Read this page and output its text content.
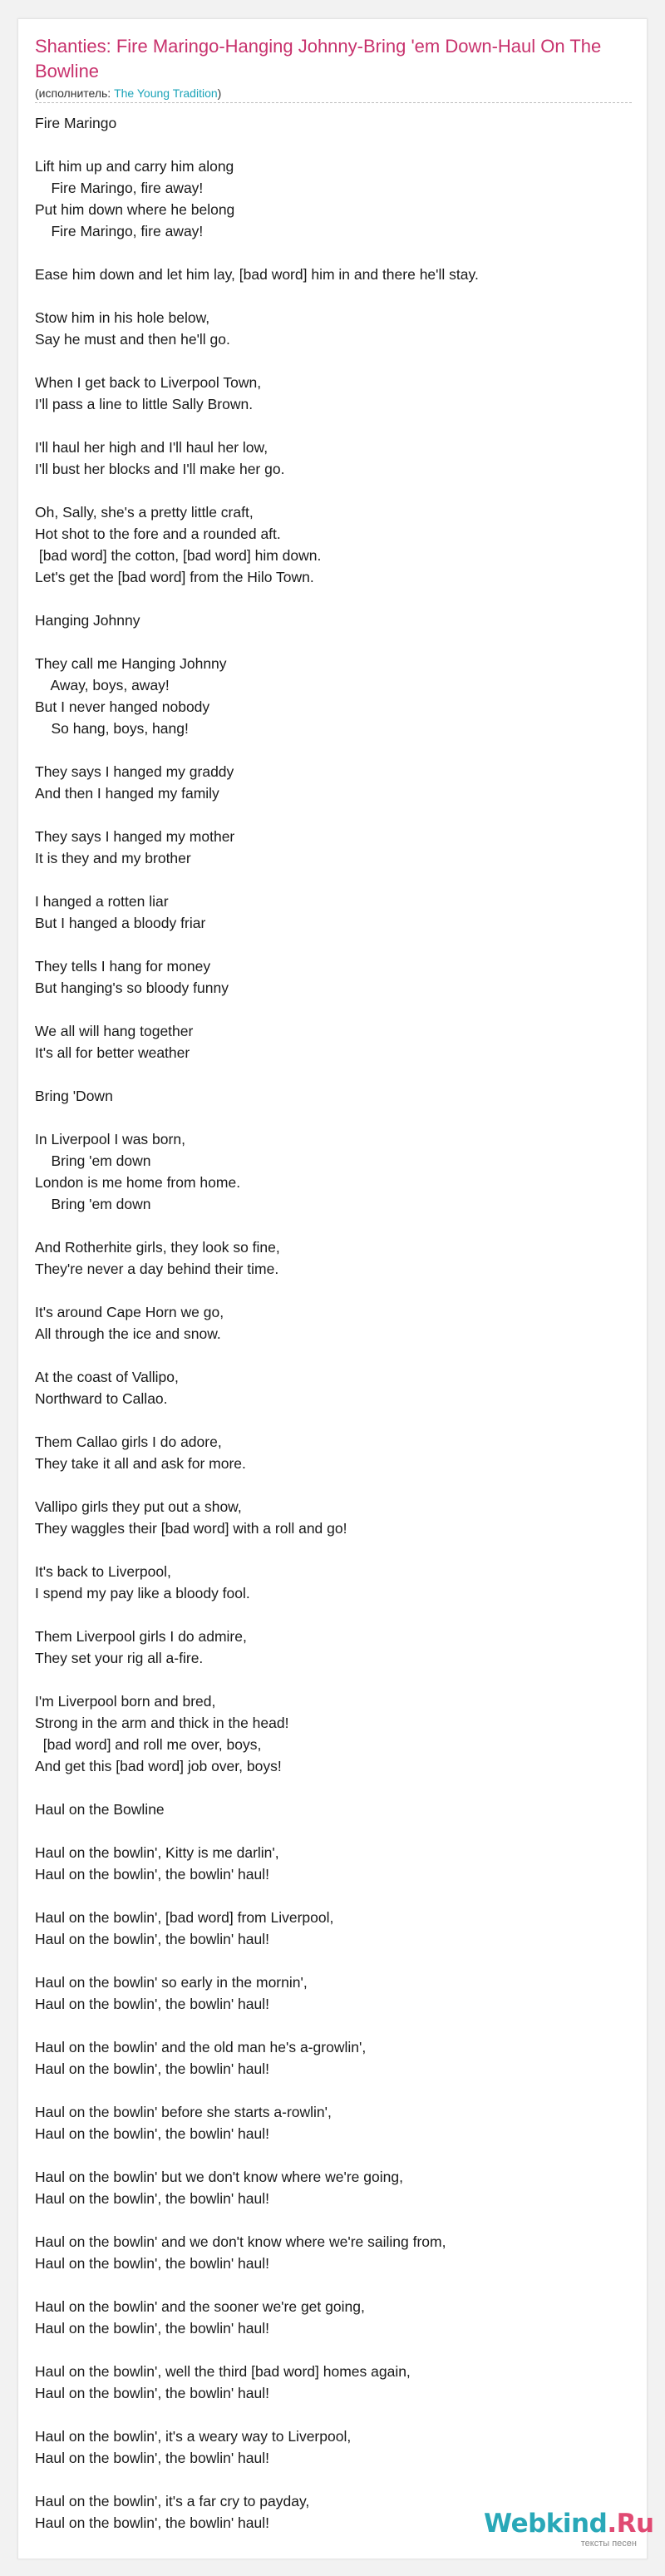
Shanties: Fire Maringo-Hanging Johnny-Bring 'em Down-Haul On The Bowline
(исполнитель: The Young Tradition)
Fire Maringo
Lift him up and carry him along
Fire Maringo, fire away!
Put him down where he belong
Fire Maringo, fire away!
Ease him down and let him lay, [bad word] him in and there he'll stay.
Stow him in his hole below,
Say he must and then he'll go.
When I get back to Liverpool Town,
I'll pass a line to little Sally Brown.
I'll haul her high and I'll haul her low,
I'll bust her blocks and I'll make her go.
Oh, Sally, she's a pretty little craft,
Hot shot to the fore and a rounded aft.
[bad word] the cotton, [bad word] him down.
Let's get the [bad word] from the Hilo Town.
Hanging Johnny
They call me Hanging Johnny
Away, boys, away!
But I never hanged nobody
So hang, boys, hang!
They says I hanged my graddy
And then I hanged my family
They says I hanged my mother
It is they and my brother
I hanged a rotten liar
But I hanged a bloody friar
They tells I hang for money
But hanging's so bloody funny
We all will hang together
It's all for better weather
Bring 'Down
In Liverpool I was born,
Bring 'em down
London is me home from home.
Bring 'em down
And Rotherhite girls, they look so fine,
They're never a day behind their time.
It's around Cape Horn we go,
All through the ice and snow.
At the coast of Vallipo,
Northward to Callao.
Them Callao girls I do adore,
They take it all and ask for more.
Vallipo girls they put out a show,
They waggles their [bad word] with a roll and go!
It's back to Liverpool,
I spend my pay like a bloody fool.
Them Liverpool girls I do admire,
They set your rig all a-fire.
I'm Liverpool born and bred,
Strong in the arm and thick in the head!
[bad word] and roll me over, boys,
And get this [bad word] job over, boys!
Haul on the Bowline
Haul on the bowlin', Kitty is me darlin',
Haul on the bowlin', the bowlin' haul!
Haul on the bowlin', [bad word] from Liverpool,
Haul on the bowlin', the bowlin' haul!
Haul on the bowlin' so early in the mornin',
Haul on the bowlin', the bowlin' haul!
Haul on the bowlin' and the old man he's a-growlin',
Haul on the bowlin', the bowlin' haul!
Haul on the bowlin' before she starts a-rowlin',
Haul on the bowlin', the bowlin' haul!
Haul on the bowlin' but we don't know where we're going,
Haul on the bowlin', the bowlin' haul!
Haul on the bowlin' and we don't know where we're sailing from,
Haul on the bowlin', the bowlin' haul!
Haul on the bowlin' and the sooner we're get going,
Haul on the bowlin', the bowlin' haul!
Haul on the bowlin', well the third [bad word] homes again,
Haul on the bowlin', the bowlin' haul!
Haul on the bowlin', it's a weary way to Liverpool,
Haul on the bowlin', the bowlin' haul!
Haul on the bowlin', it's a far cry to payday,
Haul on the bowlin', the bowlin' haul!	Webkind.Ru
тексты песен
